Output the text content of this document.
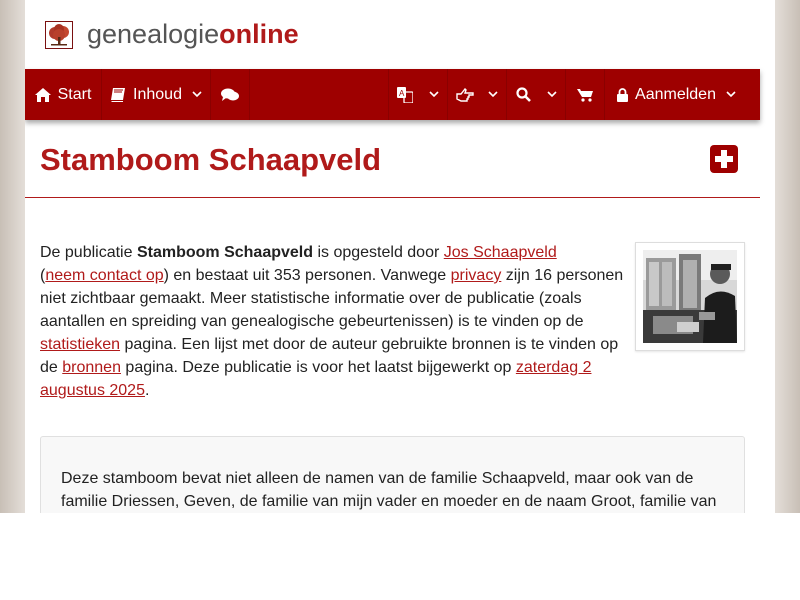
genealogieonline
Start	Inhoud	A	Aanmelden
Stamboom Schaapveld
De publicatie Stamboom Schaapveld is opgesteld door Jos Schaapveld
(neem contact op) en bestaat uit 353 personen. Vanwege privacy zijn 16 personen niet zichtbaar gemaakt. Meer statistische informatie over de publicatie (zoals aantallen en spreiding van genealogische gebeurtenissen) is te vinden op de statistieken pagina. Een lijst met door de auteur gebruikte bronnen is te vinden op de bronnen pagina. Deze publicatie is voor het laatst bijgewerkt op zaterdag 2 augustus 2025.
Deze stamboom bevat niet alleen de namen van de familie Schaapveld, maar ook van de familie Driessen, Geven, de familie van mijn vader en moeder en de naam Groot, familie van
